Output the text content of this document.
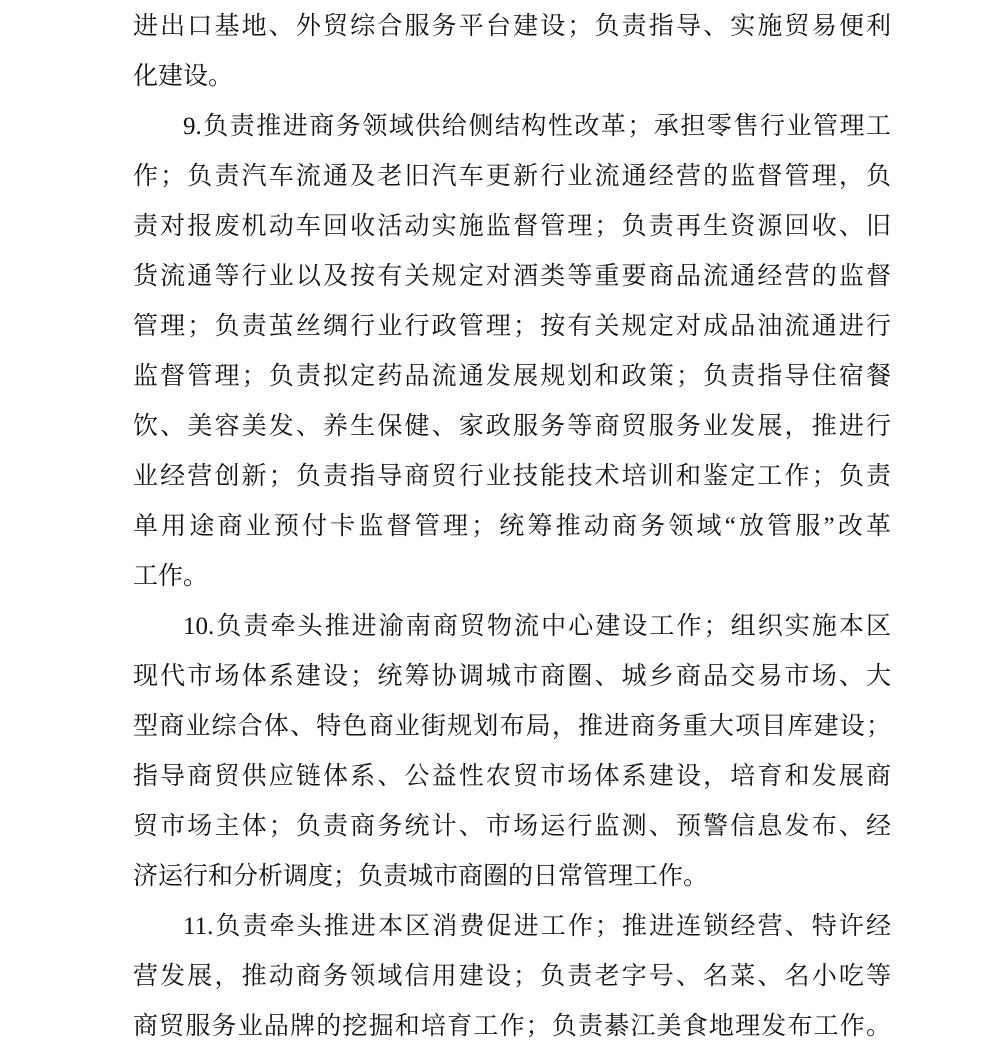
进出口基地、外贸综合服务平台建设；负责指导、实施贸易便利
化建设。
9.负责推进商务领域供给侧结构性改革；承担零售行业管理工
作；负责汽车流通及老旧汽车更新行业流通经营的监督管理，负
责对报废机动车回收活动实施监督管理；负责再生资源回收、旧
货流通等行业以及按有关规定对酒类等重要商品流通经营的监督
管理；负责茧丝绸行业行政管理；按有关规定对成品油流通进行
监督管理；负责拟定药品流通发展规划和政策；负责指导住宿餐
饮、美容美发、养生保健、家政服务等商贸服务业发展，推进行
业经营创新；负责指导商贸行业技能技术培训和鉴定工作；负责
单用途商业预付卡监督管理；统筹推动商务领域“放管服”改革
工作。
10.负责牵头推进渝南商贸物流中心建设工作；组织实施本区
现代市场体系建设；统筹协调城市商圈、城乡商品交易市场、大
型商业综合体、特色商业街规划布局，推进商务重大项目库建设；
指导商贸供应链体系、公益性农贸市场体系建设，培育和发展商
贸市场主体；负责商务统计、市场运行监测、预警信息发布、经
济运行和分析调度；负责城市商圈的日常管理工作。
11.负责牵头推进本区消费促进工作；推进连锁经营、特许经
营发展，推动商务领域信用建设；负责老字号、名菜、名小吃等
商贸服务业品牌的挖掘和培育工作；负责綦江美食地理发布工作。
